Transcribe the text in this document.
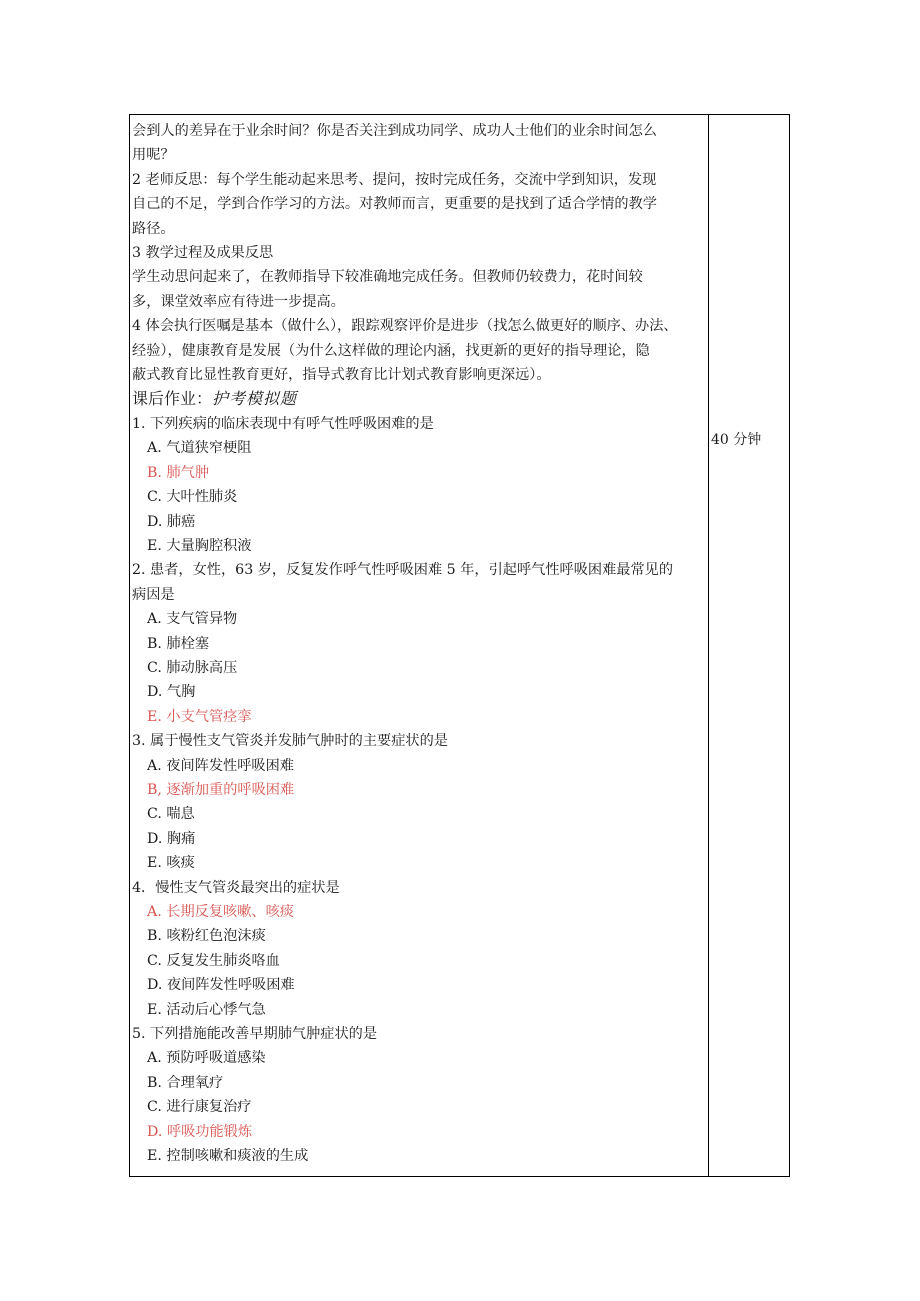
会到人的差异在于业余时间？你是否关注到成功同学、成功人士他们的业余时间怎么

用呢？

2 老师反思：每个学生能动起来思考、提问，按时完成任务，交流中学到知识，发现

自己的不足，学到合作学习的方法。对教师而言，更重要的是找到了适合学情的教学

路径。

3 教学过程及成果反思

学生动思问起来了，在教师指导下较准确地完成任务。但教师仍较费力，花时间较

多，课堂效率应有待进一步提高。

4 体会执行医嘱是基本（做什么），跟踪观察评价是进步（找怎么做更好的顺序、办法、

经验），健康教育是发展（为什么这样做的理论内涵，找更新的更好的指导理论，隐

蔽式教育比显性教育更好，指导式教育比计划式教育影响更深远）。

课后作业：护考模拟题

1. 下列疾病的临床表现中有呼气性呼吸困难的是

A. 气道狭窄梗阻

B. 肺气肿

C. 大叶性肺炎

D. 肺癌

E. 大量胸腔积液

2. 患者，女性，63 岁，反复发作呼气性呼吸困难 5 年，引起呼气性呼吸困难最常见的

病因是

A. 支气管异物

B. 肺栓塞

C. 肺动脉高压

D. 气胸

E. 小支气管痉挛

3. 属于慢性支气管炎并发肺气肿时的主要症状的是

A. 夜间阵发性呼吸困难

B, 逐渐加重的呼吸困难

C. 喘息

D. 胸痛

E. 咳痰

4．慢性支气管炎最突出的症状是

A. 长期反复咳嗽、咳痰

B. 咳粉红色泡沫痰

C. 反复发生肺炎咯血

D. 夜间阵发性呼吸困难

E. 活动后心悸气急

5. 下列措施能改善早期肺气肿症状的是

A. 预防呼吸道感染

B. 合理氧疗

C. 进行康复治疗

D. 呼吸功能锻炼

E. 控制咳嗽和痰液的生成

40 分钟
